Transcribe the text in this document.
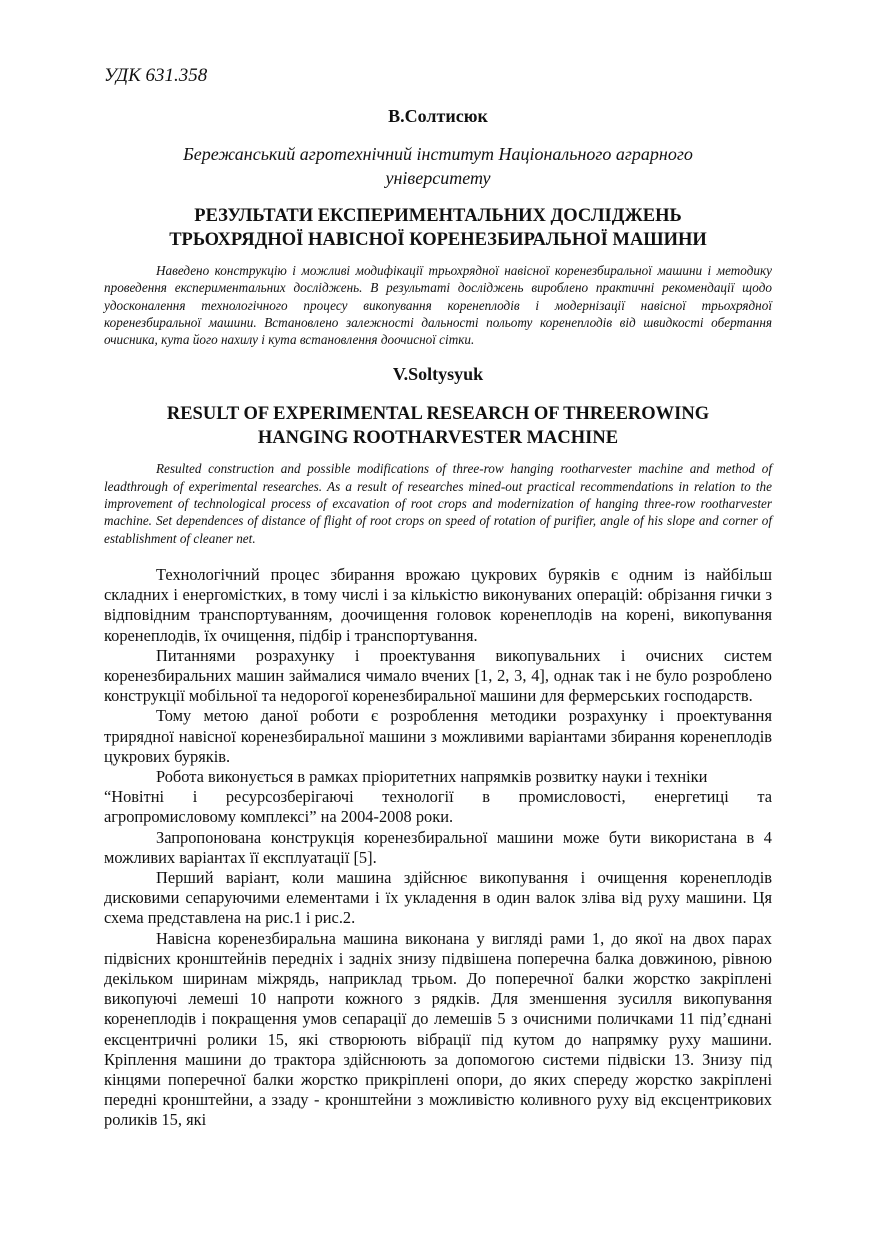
УДК 631.358
В.Солтисюк
Бережанський агротехнічний інститут Національного аграрного університету
РЕЗУЛЬТАТИ ЕКСПЕРИМЕНТАЛЬНИХ ДОСЛІДЖЕНЬ
ТРЬОХРЯДНОЇ НАВІСНОЇ КОРЕНЕЗБИРАЛЬНОЇ МАШИНИ
Наведено конструкцію і можливі модифікації трьохрядної навісної коренезбиральної машини і методику проведення експериментальних досліджень. В результаті досліджень вироблено практичні рекомендації щодо удосконалення технологічного процесу викопування коренеплодів і модернізації навісної трьохрядної коренезбиральної машини. Встановлено залежності дальності польоту коренеплодів від швидкості обертання очисника, кута його нахилу і кута встановлення доочисної сітки.
V.Soltysyuk
RESULT OF EXPERIMENTAL RESEARCH OF THREEROWING
HANGING ROOTHARVESTER MACHINE
Resulted construction and possible modifications of three-row hanging rootharvester machine and method of leadthrough of experimental researches. As a result of researches mined-out practical recommendations in relation to the improvement of technological process of excavation of root crops and modernization of hanging three-row rootharvester machine. Set dependences of distance of flight of root crops on speed of rotation of purifier, angle of his slope and corner of establishment of cleaner net.

Технологічний процес збирання врожаю цукрових буряків є одним із найбільш складних і енергомістких, в тому числі і за кількістю виконуваних операцій: обрізання гички з відповідним транспортуванням, доочищення головок коренеплодів на корені, викопування коренеплодів, їх очищення, підбір і транспортування.

Питаннями розрахунку і проектування викопувальних і очисних систем коренезбиральних машин займалися чимало вчених [1, 2, 3, 4], однак так і не було розроблено конструкції мобільної та недорогої коренезбиральної машини для фермерських господарств.

Тому метою даної роботи є розроблення методики розрахунку і проектування трирядної навісної коренезбиральної машини з можливими варіантами збирання коренеплодів цукрових буряків.

Робота виконується в рамках пріоритетних напрямків розвитку науки і техніки

“Новітні і ресурсозберігаючі технології в промисловості, енергетиці та

агропромисловому комплексі” на 2004-2008 роки.

Запропонована конструкція коренезбиральної машини може бути використана в 4 можливих варіантах її експлуатації [5].

Перший варіант, коли машина здійснює викопування і очищення коренеплодів дисковими сепаруючими елементами і їх укладення в один валок зліва від руху машини. Ця схема представлена на рис.1 і рис.2.

Навісна коренезбиральна машина виконана у вигляді рами 1, до якої на двох парах підвісних кронштейнів передніх і задніх знизу підвішена поперечна балка довжиною, рівною декільком ширинам міжрядь, наприклад трьом. До поперечної балки жорстко закріплені викопуючі лемеші 10 напроти кожного з рядків. Для зменшення зусилля викопування коренеплодів і покращення умов сепарації до лемешів 5 з очисними поличками 11 під’єднані ексцентричні ролики 15, які створюють вібрації під кутом до напрямку руху машини. Кріплення машини до трактора здійснюють за допомогою системи підвіски 13. Знизу під кінцями поперечної балки жорстко прикріплені опори, до яких спереду жорстко закріплені передні кронштейни, а ззаду - кронштейни з можливістю коливного руху від ексцентрикових роликів 15, які
